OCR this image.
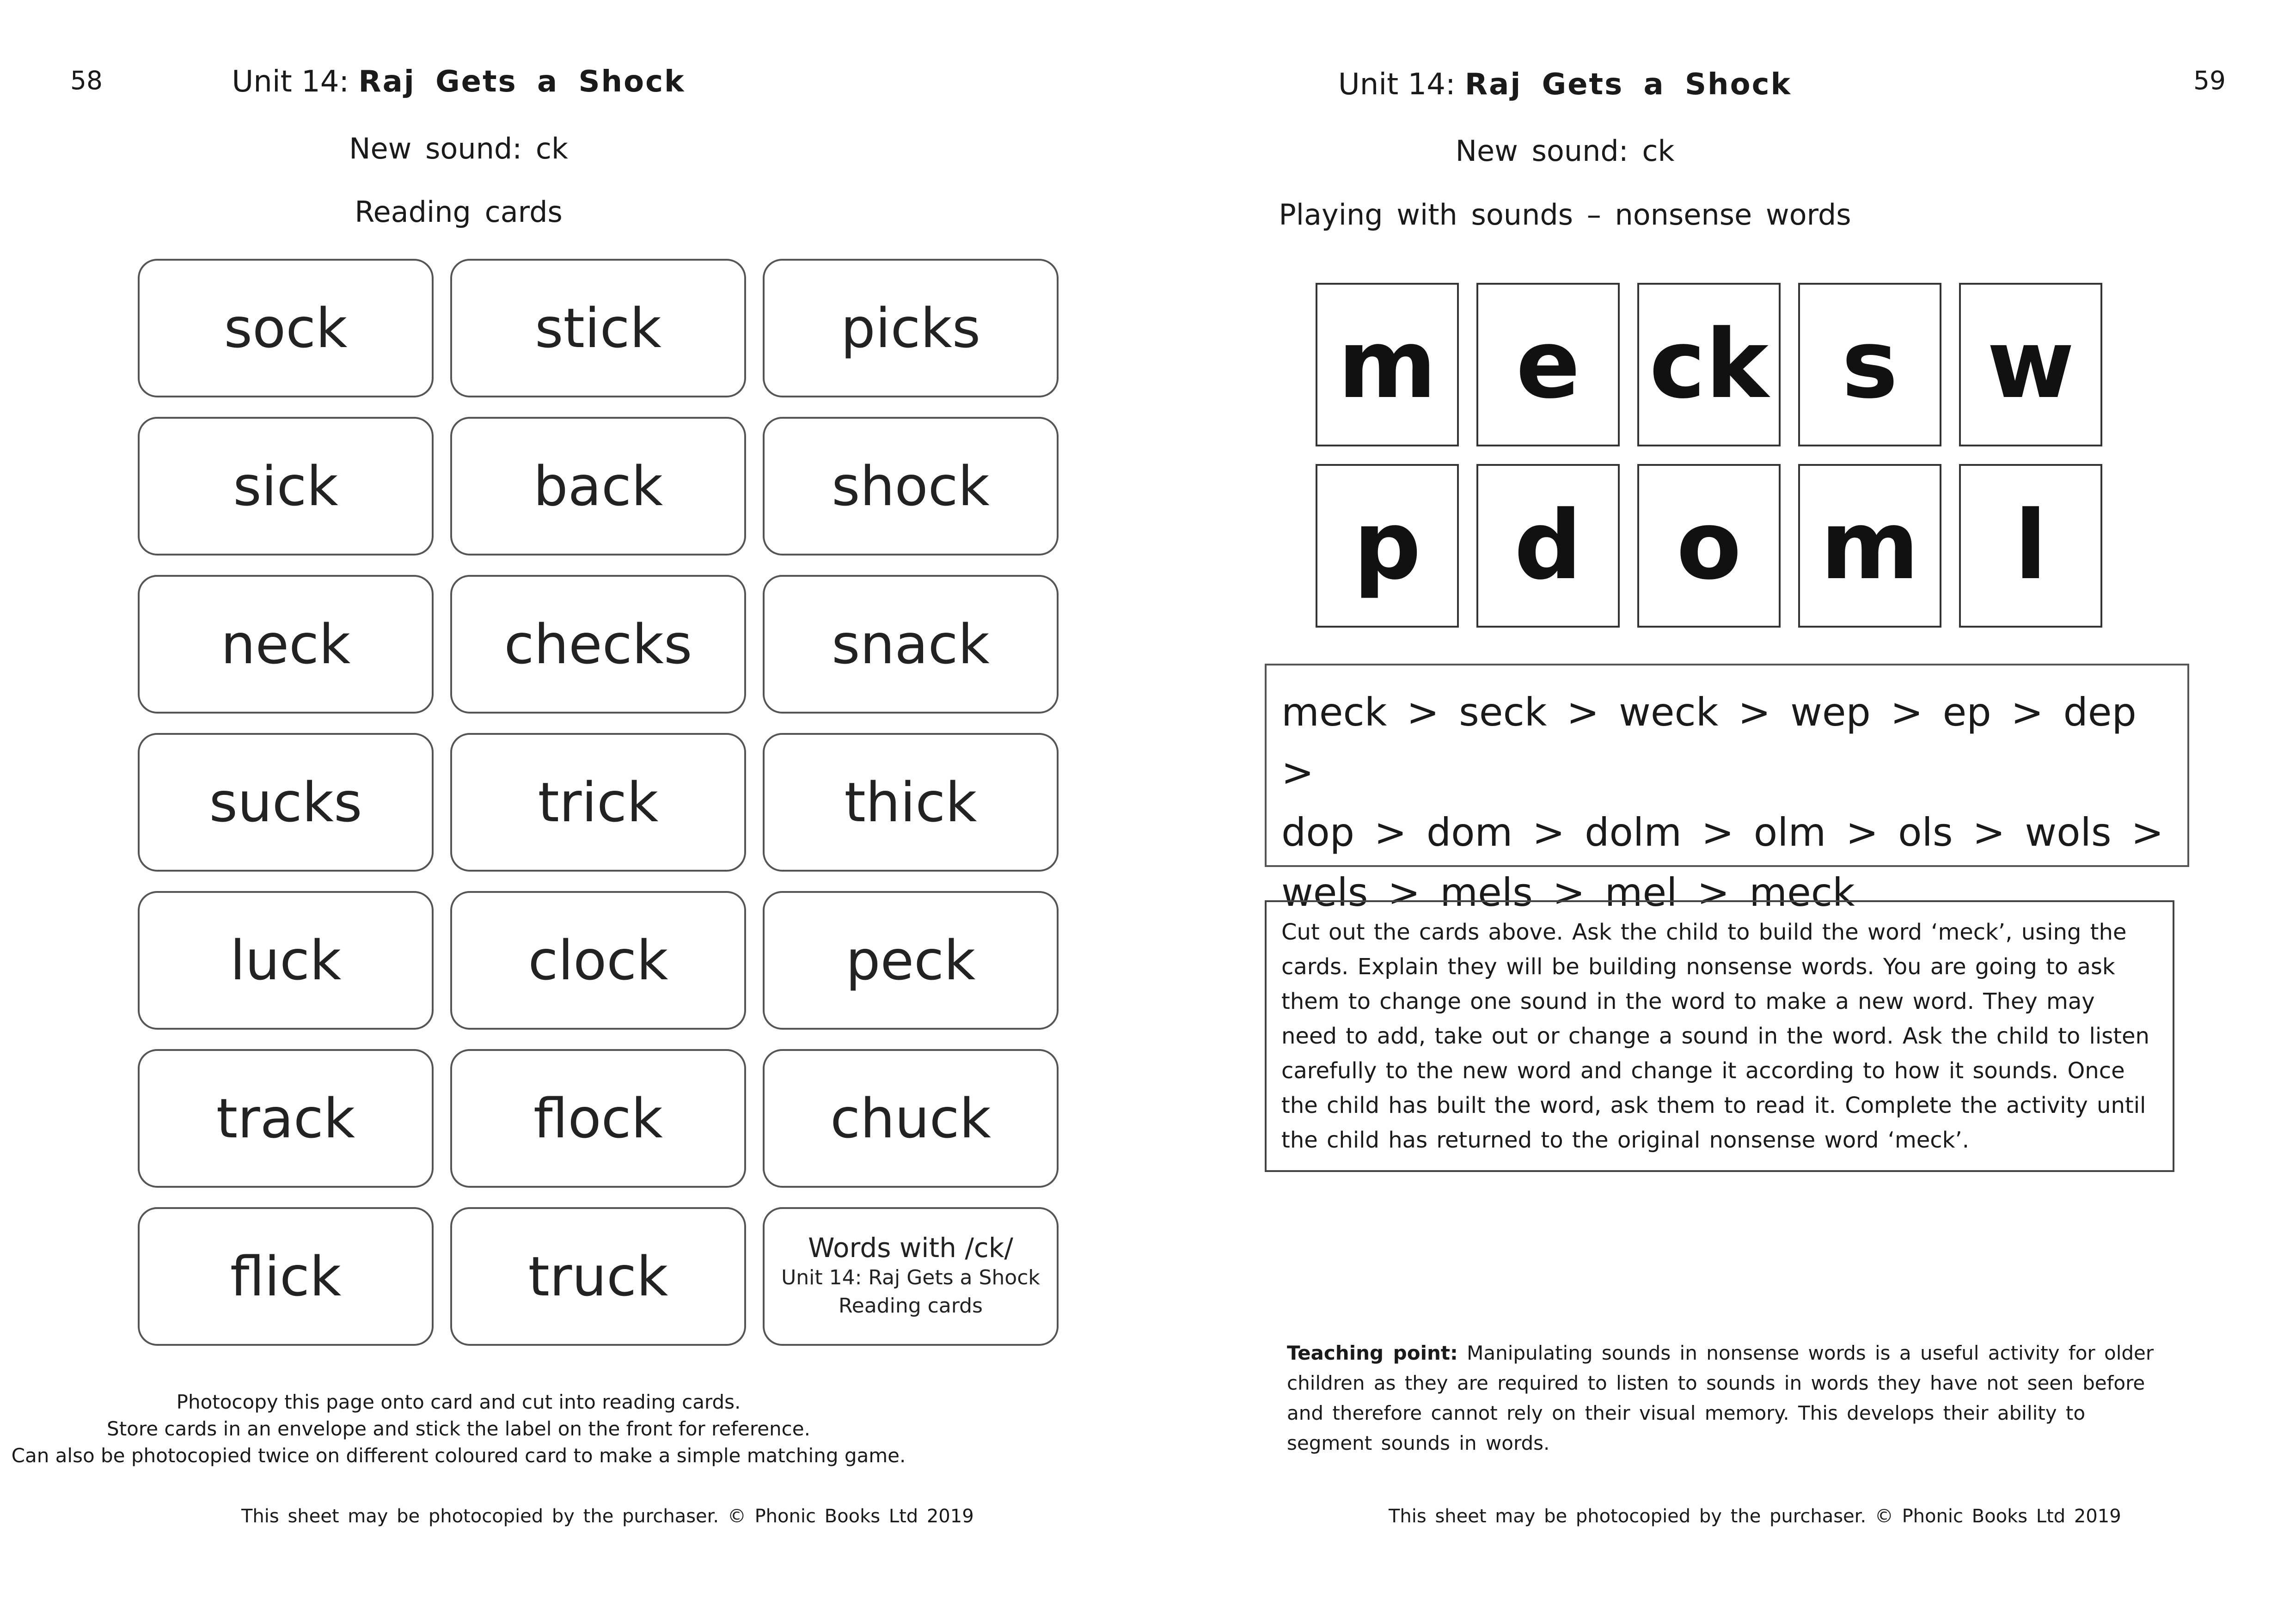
58	Unit 14: Raj Gets a Shock
New sound: ck
Reading cards
sock	stick	picks
sick	back	shock
neck	checks	snack
sucks	trick	thick
luck	clock	peck
track	flock	chuck
flick	truck	Words with /ck/
Unit 14: Raj Gets a Shock
Reading cards
Photocopy this page onto card and cut into reading cards.
Store cards in an envelope and stick the label on the front for reference.
Can also be photocopied twice on different coloured card to make a simple matching game.
This sheet may be photocopied by the purchaser. © Phonic Books Ltd 2019
59
Unit 14: Raj Gets a Shock
New sound: ck
Playing with sounds – nonsense words
m e ck s w
p d o m	l
meck > seck > weck > wep > ep > dep >
dop > dom > dolm > olm > ols > wols >
wels > mels > mel > meck
Cut out the cards above. Ask the child to build the word ‘meck’, using the cards. Explain they will be building nonsense words. You are going to ask them to change one sound in the word to make a new word. They may need to add, take out or change a sound in the word. Ask the child to listen carefully to the new word and change it according to how it sounds. Once the child has built the word, ask them to read it. Complete the activity until the child has returned to the original nonsense word ‘meck’.
Teaching point: Manipulating sounds in nonsense words is a useful activity for older children as they are required to listen to sounds in words they have not seen before and therefore cannot rely on their visual memory. This develops their ability to segment sounds in words.
This sheet may be photocopied by the purchaser. © Phonic Books Ltd 2019
